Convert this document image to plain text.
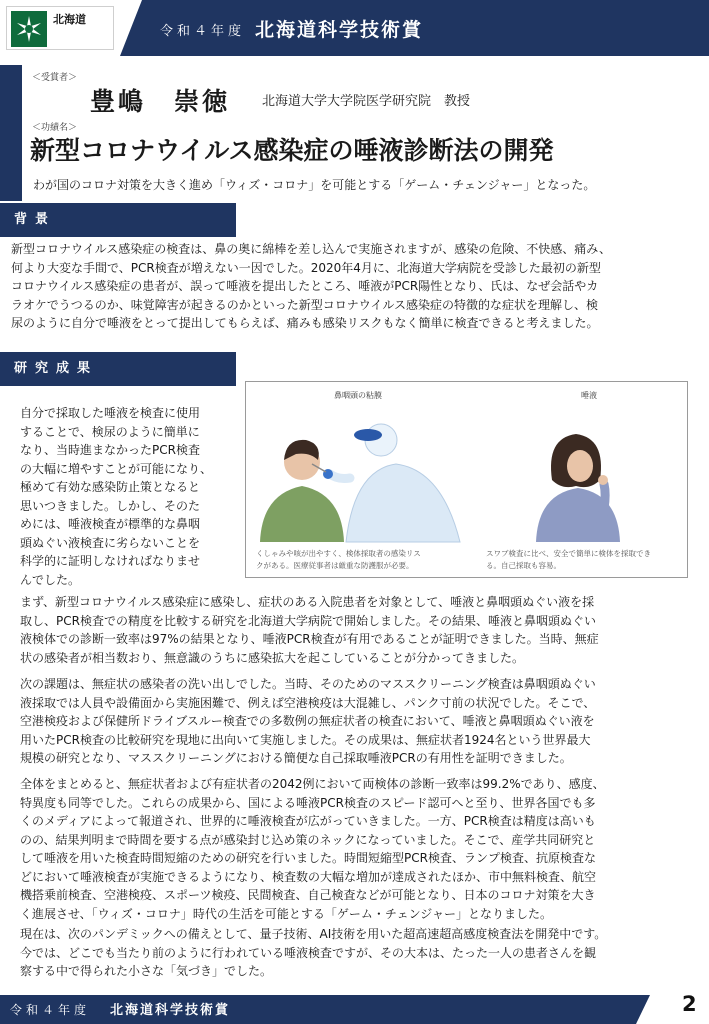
北海道
令和４年度 北海道科学技術賞
＜受賞者＞
豊嶋　崇徳 北海道大学大学院医学研究院　教授
＜功績名＞
新型コロナウイルス感染症の唾液診断法の開発
わが国のコロナ対策を大きく進め「ウィズ・コロナ」を可能とする「ゲーム・チェンジャー」となった。
背景
新型コロナウイルス感染症の検査は、鼻の奥に綿棒を差し込んで実施されますが、感染の危険、不快感、痛み、
何より大変な手間で、PCR検査が増えない一因でした。2020年4月に、北海道大学病院を受診した最初の新型
コロナウイルス感染症の患者が、誤って唾液を提出したところ、唾液がPCR陽性となり、氏は、なぜ会話やカ
ラオケでうつるのか、味覚障害が起きるのかといった新型コロナウイルス感染症の特徴的な症状を理解し、検
尿のように自分で唾液をとって提出してもらえば、痛みも感染リスクもなく簡単に検査できると考えました。
研究成果
自分で採取した唾液を検査に使用
することで、検尿のように簡単に
なり、当時進まなかったPCR検査
の大幅に増やすことが可能になり、
極めて有効な感染防止策となると
思いつきました。しかし、そのた
めには、唾液検査が標準的な鼻咽
頭ぬぐい液検査に劣らないことを
科学的に証明しなければなりませ
んでした。
鼻咽頭の粘膜	唾液
くしゃみや咳が出やすく、検体採取者の感染リス
クがある。医療従事者は厳重な防護服が必要。
スワブ検査に比べ、安全で簡単に検体を採取でき
る。自己採取も容易。
まず、新型コロナウイルス感染症に感染し、症状のある入院患者を対象として、唾液と鼻咽頭ぬぐい液を採
取し、PCR検査での精度を比較する研究を北海道大学病院で開始しました。その結果、唾液と鼻咽頭ぬぐい
液検体での診断一致率は97%の結果となり、唾液PCR検査が有用であることが証明できました。当時、無症
状の感染者が相当数おり、無意識のうちに感染拡大を起こしていることが分かってきました。
次の課題は、無症状の感染者の洗い出しでした。当時、そのためのマススクリーニング検査は鼻咽頭ぬぐい
液採取では人員や設備面から実施困難で、例えば空港検疫は大混雑し、パンク寸前の状況でした。そこで、
空港検疫および保健所ドライブスルー検査での多数例の無症状者の検査において、唾液と鼻咽頭ぬぐい液を
用いたPCR検査の比較研究を現地に出向いて実施しました。その成果は、無症状者1924名という世界最大
規模の研究となり、マススクリーニングにおける簡便な自己採取唾液PCRの有用性を証明できました。
全体をまとめると、無症状者および有症状者の2042例において両検体の診断一致率は99.2%であり、感度、
特異度も同等でした。これらの成果から、国による唾液PCR検査のスピード認可へと至り、世界各国でも多
くのメディアによって報道され、世界的に唾液検査が広がっていきました。一方、PCR検査は精度は高いも
のの、結果判明まで時間を要する点が感染封じ込め策のネックになっていました。そこで、産学共同研究と
して唾液を用いた検査時間短縮のための研究を行いました。時間短縮型PCR検査、ランプ検査、抗原検査な
どにおいて唾液検査が実施できるようになり、検査数の大幅な増加が達成されたほか、市中無料検査、航空
機搭乗前検査、空港検疫、スポーツ検疫、民間検査、自己検査などが可能となり、日本のコロナ対策を大き
く進展させ、「ウィズ・コロナ」時代の生活を可能とする「ゲーム・チェンジャー」となりました。
現在は、次のパンデミックへの備えとして、量子技術、AI技術を用いた超高速超高感度検査法を開発中です。
今では、どこでも当たり前のように行われている唾液検査ですが、その大本は、たった一人の患者さんを観
察する中で得られた小さな「気づき」でした。
令和４年度 北海道科学技術賞	2
